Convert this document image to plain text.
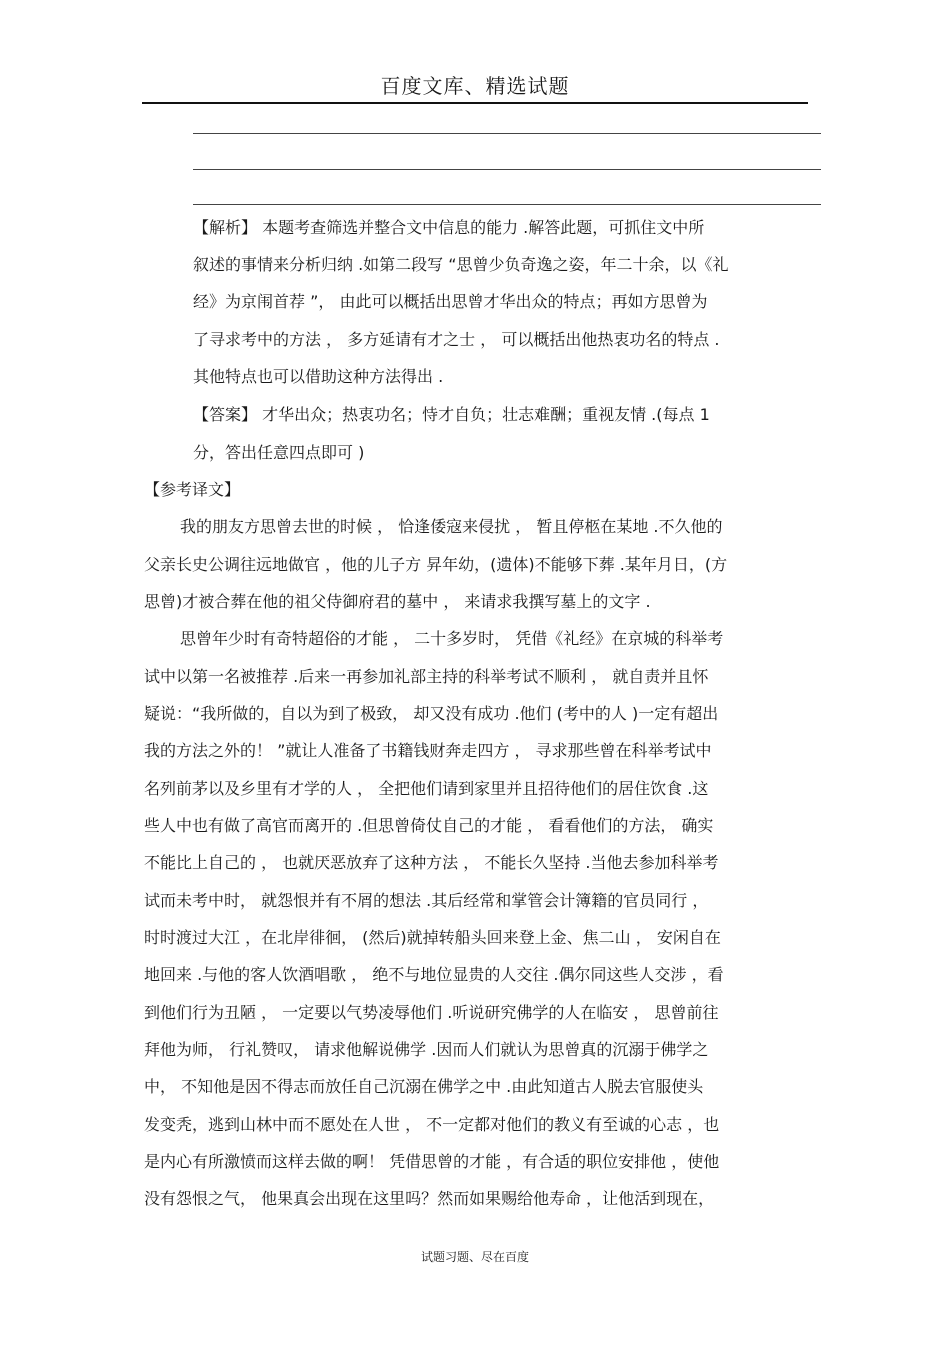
百度文库、精选试题
【解析】 本题考查筛选并整合文中信息的能力 .解答此题，可抓住文中所
叙述的事情来分析归纳 .如第二段写 “思曾少负奇逸之姿，年二十余，以《礼
经》为京闱首荐 ”， 由此可以概括出思曾才华出众的特点；再如方思曾为
了寻求考中的方法 ， 多方延请有才之士 ， 可以概括出他热衷功名的特点 .
其他特点也可以借助这种方法得出 .
【答案】 才华出众；热衷功名；恃才自负；壮志难酬；重视友情 .(每点 1
分，答出任意四点即可 )
【参考译文】
我的朋友方思曾去世的时候 ， 恰逢倭寇来侵扰 ， 暂且停柩在某地 .不久他的
父亲长史公调往远地做官 ，他的儿子方 昇年幼，(遗体)不能够下葬 .某年月日，(方
思曾)才被合葬在他的祖父侍御府君的墓中 ， 来请求我撰写墓上的文字 .
思曾年少时有奇特超俗的才能 ， 二十多岁时， 凭借《礼经》在京城的科举考
试中以第一名被推荐 .后来一再参加礼部主持的科举考试不顺利 ， 就自责并且怀
疑说：“我所做的，自以为到了极致， 却又没有成功 .他们 (考中的人 )一定有超出
我的方法之外的！ ”就让人准备了书籍钱财奔走四方 ， 寻求那些曾在科举考试中
名列前茅以及乡里有才学的人 ， 全把他们请到家里并且招待他们的居住饮食 .这
些人中也有做了高官而离开的 .但思曾倚仗自己的才能 ， 看看他们的方法， 确实
不能比上自己的 ， 也就厌恶放弃了这种方法 ， 不能长久坚持 .当他去参加科举考
试而未考中时， 就怨恨并有不屑的想法 .其后经常和掌管会计簿籍的官员同行 ，
时时渡过大江 ，在北岸徘徊， (然后)就掉转船头回来登上金、焦二山 ， 安闲自在
地回来 .与他的客人饮酒唱歌 ， 绝不与地位显贵的人交往 .偶尔同这些人交涉 ，看
到他们行为丑陋 ， 一定要以气势凌辱他们 .听说研究佛学的人在临安 ， 思曾前往
拜他为师， 行礼赞叹， 请求他解说佛学 .因而人们就认为思曾真的沉溺于佛学之
中， 不知他是因不得志而放任自己沉溺在佛学之中 .由此知道古人脱去官服使头
发变秃，逃到山林中而不愿处在人世 ， 不一定都对他们的教义有至诚的心志 ，也
是内心有所激愤而这样去做的啊！ 凭借思曾的才能 ，有合适的职位安排他 ，使他
没有怨恨之气， 他果真会出现在这里吗？然而如果赐给他寿命 ，让他活到现在，
试题习题、尽在百度
